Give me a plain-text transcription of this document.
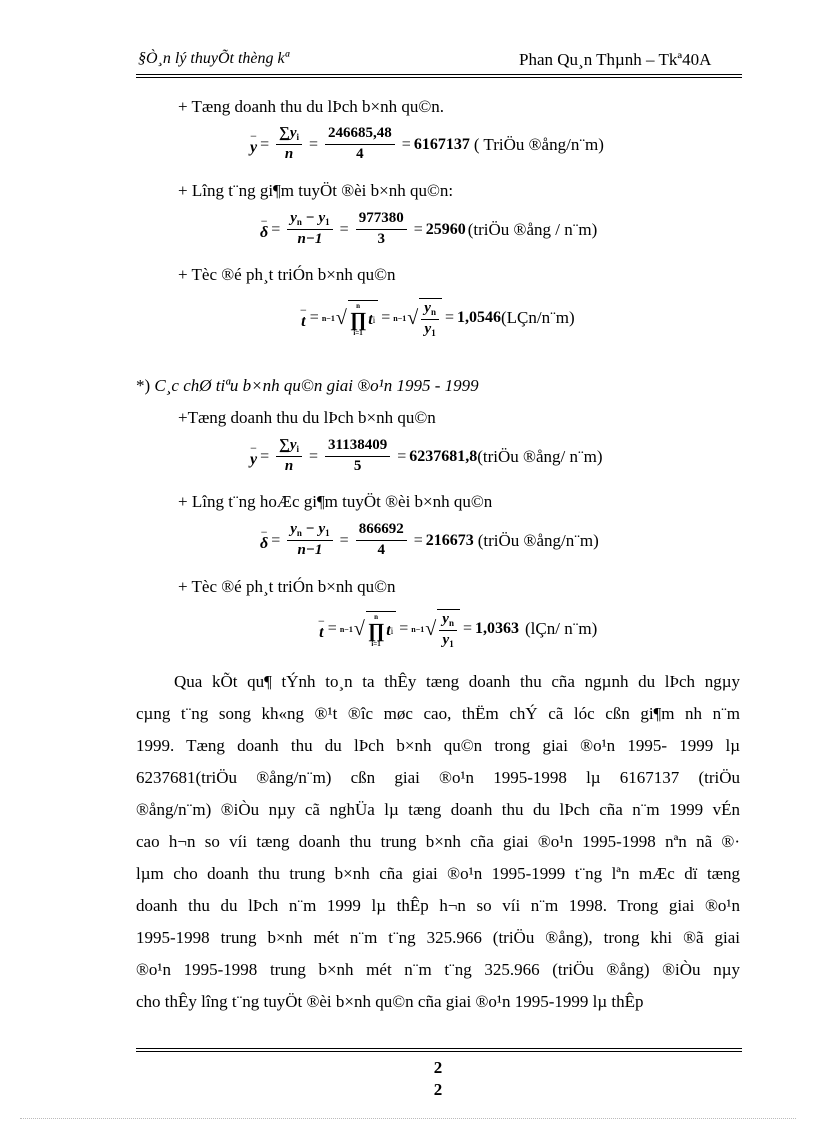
§Ò¸n lý thuyÕt thèng kª	Phan Qu¸n Thµnh – Tkª40A
+ Tæng doanh thu du lÞch b×nh qu©n.
−
$y = \frac{\sum y_i}{n} = \frac{246685,48}{4} = 6167137$ ( TriÖu ®ång/n¨m)
+ Lîng t¨ng gi¶m tuyÖt ®èi b×nh qu©n:
−
$\delta = \frac{y_n - y_1}{n-1} = \frac{977380}{3} = 25960$ (triÖu ®ång / n¨m)
+ Tèc ®é ph¸t triÓn b×nh qu©n
−
t = n−1 √
n
∏
i=1
t i = n−1 √ $\frac{y_n}{y_1} = 1,0546$ (LÇn/n¨m)
*) C¸c chØ tiªu b×nh qu©n giai ®o¹n 1995 - 1999
+Tæng doanh thu du lÞch b×nh qu©n
−
$y = \frac{\sum y_i}{n} = \frac{31138409}{5} = 6237681,8$ (triÖu ®ång/ n¨m)
+ Lîng t¨ng hoÆc gi¶m tuyÖt ®èi b×nh qu©n
−
$\delta = \frac{y_n - y_1}{n-1} = \frac{866692}{4} = 216673$ (triÖu ®ång/n¨m)
+ Tèc ®é ph¸t triÓn b×nh qu©n
−
t = n−1 √
n
∏
i=1
t i = n−1 √ $\frac{y_n}{y_1} = 1,0363$ (lÇn/ n¨m)
Qua kÕt qu¶ tÝnh to¸n ta thÊy tæng doanh thu cña ngµnh du lÞch ngµy
cµng t¨ng song kh«ng ®¹t ®îc møc cao, thËm chÝ cã lóc cßn gi¶m nh n¨m
1999. Tæng doanh thu du lÞch b×nh qu©n trong giai ®o¹n 1995- 1999 lµ
6237681(triÖu ®ång/n¨m) cßn giai ®o¹n 1995-1998 lµ 6167137 (triÖu
®ång/n¨m) ®iÒu nµy cã nghÜa lµ tæng doanh thu du lÞch cña n¨m 1999 vÉn
cao h¬n so víi tæng doanh thu trung b×nh cña giai ®o¹n 1995-1998 nªn nã ®·
lµm cho doanh thu trung b×nh cña giai ®o¹n 1995-1999 t¨ng lªn mÆc dï tæng
doanh thu du lÞch n¨m 1999 lµ thÊp h¬n so víi n¨m 1998. Trong giai ®o¹n
1995-1998 trung b×nh mét n¨m t¨ng 325.966 (triÖu ®ång), trong khi ®ã giai
®o¹n 1995-1998 trung b×nh mét n¨m t¨ng 325.966 (triÖu ®ång) ®iÒu nµy
cho thÊy lîng t¨ng tuyÖt ®èi b×nh qu©n cña giai ®o¹n 1995-1999 lµ thÊp
2
2
